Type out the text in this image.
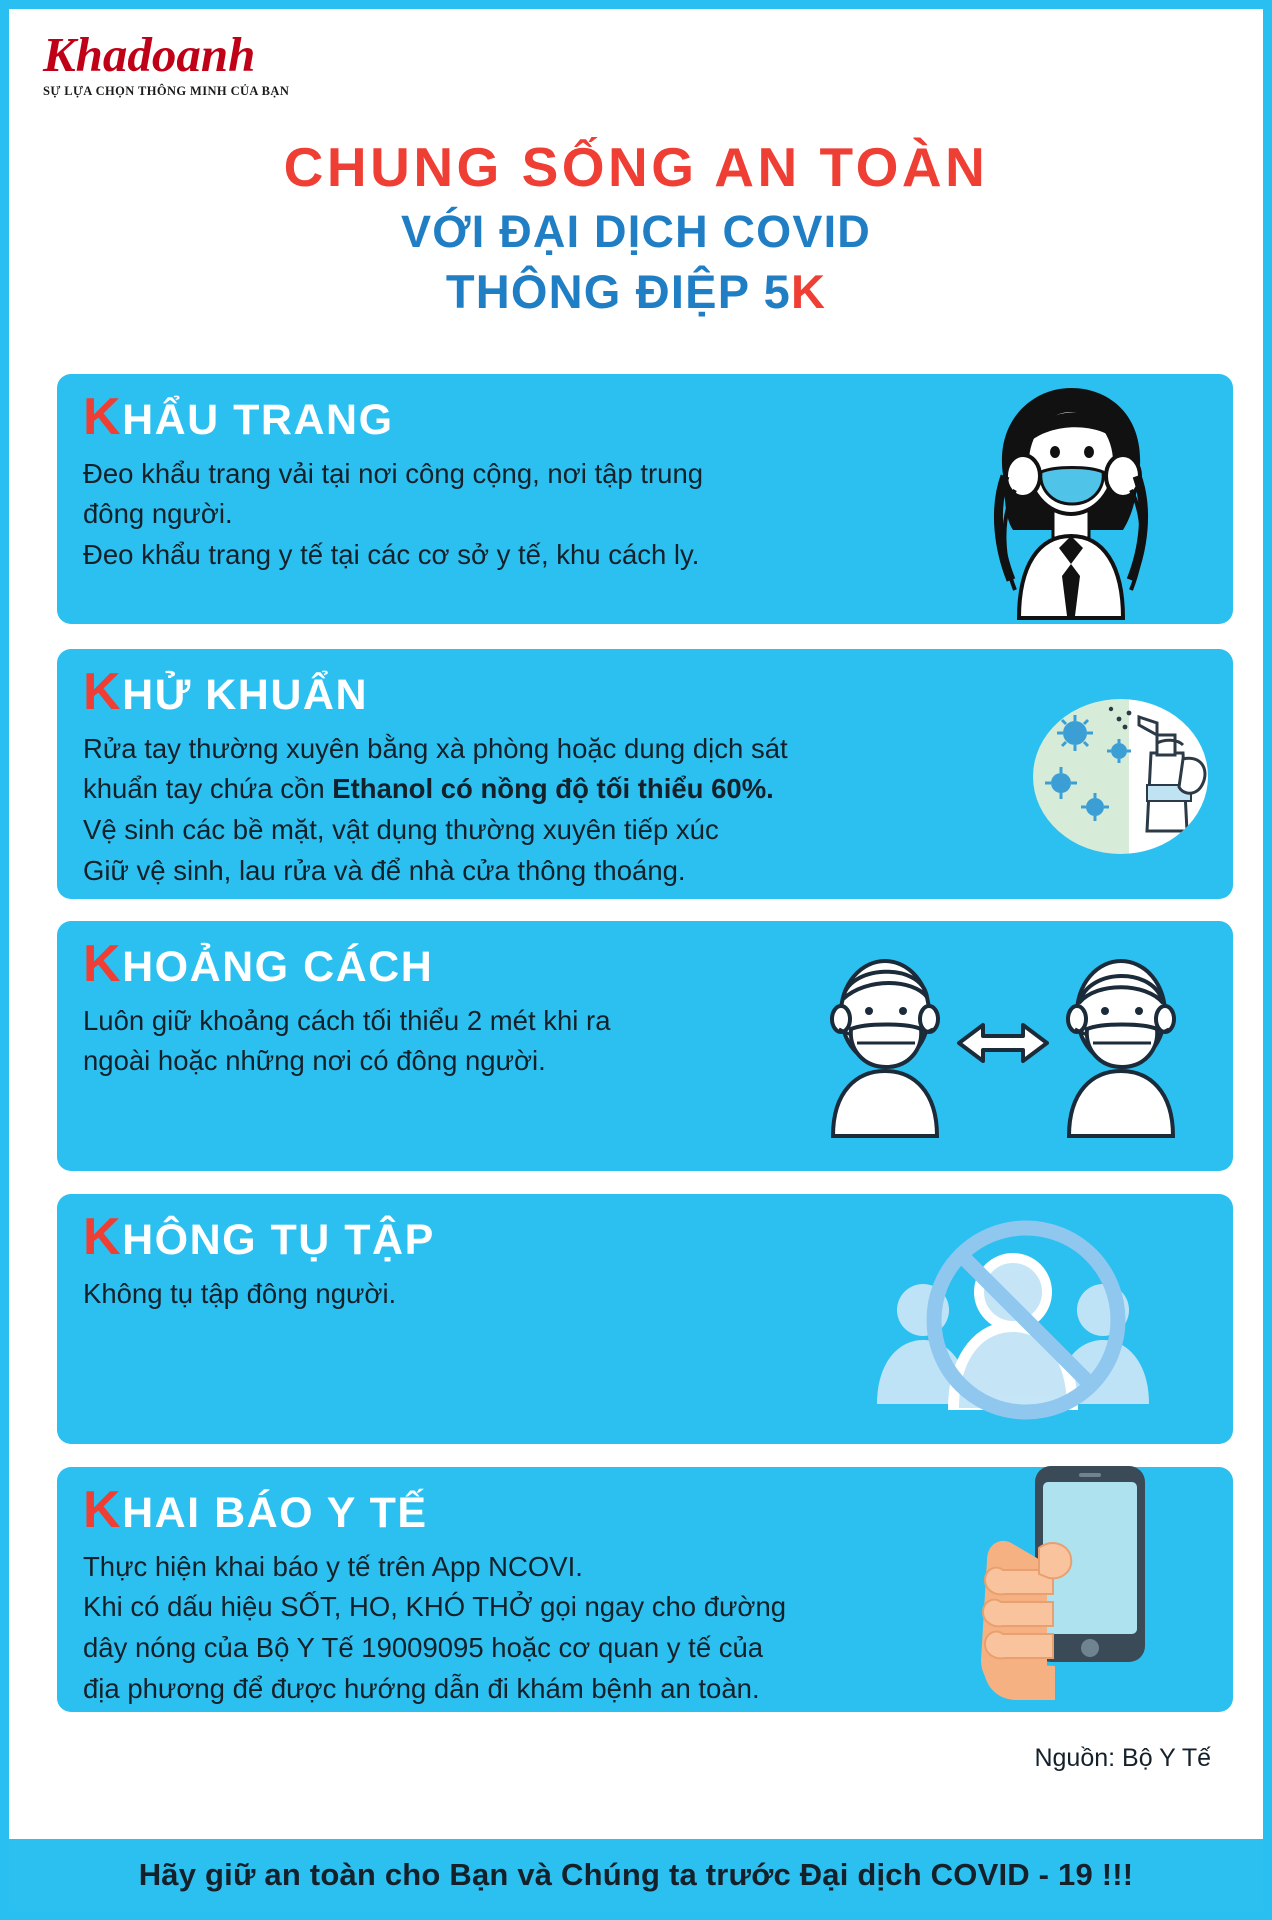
Khadoanh
SỰ LỰA CHỌN THÔNG MINH CỦA BẠN
CHUNG SỐNG AN TOÀN
VỚI ĐẠI DỊCH COVID
THÔNG ĐIỆP 5K
KHẨU TRANG

Đeo khẩu trang vải tại nơi công cộng, nơi tập trung

đông người.

Đeo khẩu trang y tế tại các cơ sở y tế, khu cách ly.

KHỬ KHUẨN

Rửa tay thường xuyên bằng xà phòng hoặc dung dịch sát

khuẩn tay chứa cồn Ethanol có nồng độ tối thiểu 60%.

Vệ sinh các bề mặt, vật dụng thường xuyên tiếp xúc

Giữ vệ sinh, lau rửa và để nhà cửa thông thoáng.

KHOẢNG CÁCH

Luôn giữ khoảng cách tối thiểu 2 mét khi ra

ngoài hoặc những nơi có đông người.

KHÔNG TỤ TẬP

Không tụ tập đông người.

KHAI BÁO Y TẾ

Thực hiện khai báo y tế trên App NCOVI.

Khi có dấu hiệu SỐT, HO, KHÓ THỞ gọi ngay cho đường

dây nóng của Bộ Y Tế 19009095 hoặc cơ quan y tế của

địa phương để được hướng dẫn đi khám bệnh an toàn.

Nguồn: Bộ Y Tế
Hãy giữ an toàn cho Bạn và Chúng ta trước Đại dịch COVID - 19 !!!
